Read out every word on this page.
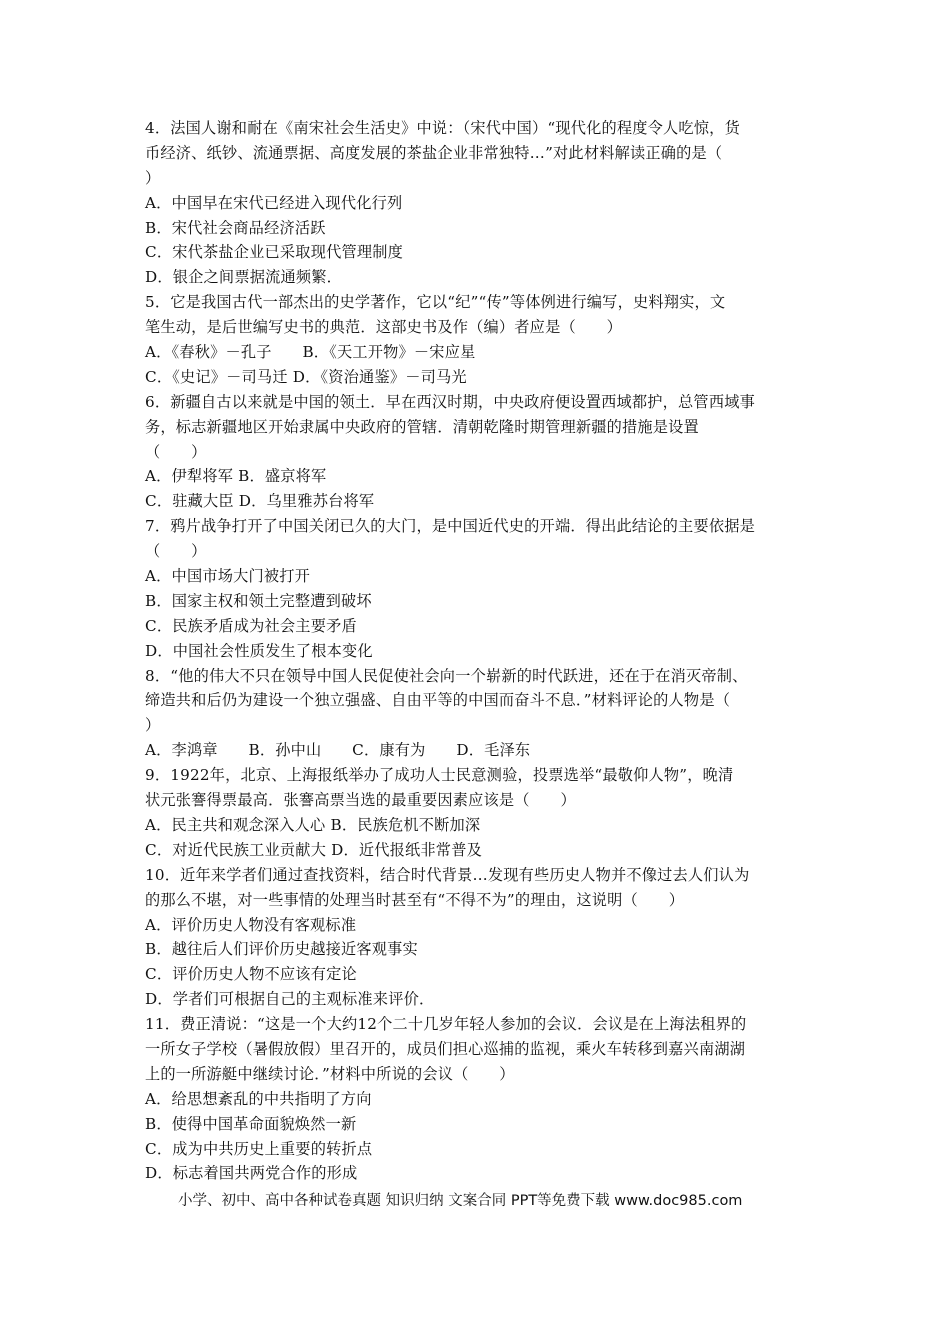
4．法国人谢和耐在《南宋社会生活史》中说：（宋代中国）“现代化的程度令人吃惊，货
币经济、纸钞、流通票据、高度发展的茶盐企业非常独特…”对此材料解读正确的是（
）
A．中国早在宋代已经进入现代化行列
B．宋代社会商品经济活跃
C．宋代茶盐企业已采取现代管理制度
D．银企之间票据流通频繁．
5．它是我国古代一部杰出的史学著作，它以“纪”“传”等体例进行编写，史料翔实，文
笔生动，是后世编写史书的典范．这部史书及作（编）者应是（　　）
A．《春秋》－孔子　　B．《天工开物》－宋应星
C．《史记》－司马迁 D．《资治通鉴》－司马光
6．新疆自古以来就是中国的领土．早在西汉时期，中央政府便设置西域都护，总管西域事
务，标志新疆地区开始隶属中央政府的管辖．清朝乾隆时期管理新疆的措施是设置
（　　）
A．伊犁将军 B．盛京将军
C．驻藏大臣 D．乌里雅苏台将军
7．鸦片战争打开了中国关闭已久的大门，是中国近代史的开端．得出此结论的主要依据是
（　　）
A．中国市场大门被打开
B．国家主权和领土完整遭到破坏
C．民族矛盾成为社会主要矛盾
D．中国社会性质发生了根本变化
8．“他的伟大不只在领导中国人民促使社会向一个崭新的时代跃进，还在于在消灭帝制、
缔造共和后仍为建设一个独立强盛、自由平等的中国而奋斗不息．”材料评论的人物是（
）
A．李鸿章　　B．孙中山　　C．康有为　　D．毛泽东
9．1922年，北京、上海报纸举办了成功人士民意测验，投票选举“最敬仰人物”，晚清
状元张謇得票最高．张謇高票当选的最重要因素应该是（　　）
A．民主共和观念深入人心 B．民族危机不断加深
C．对近代民族工业贡献大 D．近代报纸非常普及
10．近年来学者们通过查找资料，结合时代背景…发现有些历史人物并不像过去人们认为
的那么不堪，对一些事情的处理当时甚至有“不得不为”的理由，这说明（　　）
A．评价历史人物没有客观标准
B．越往后人们评价历史越接近客观事实
C．评价历史人物不应该有定论
D．学者们可根据自己的主观标准来评价．
11．费正清说：“这是一个大约12个二十几岁年轻人参加的会议．会议是在上海法租界的
一所女子学校（暑假放假）里召开的，成员们担心巡捕的监视，乘火车转移到嘉兴南湖湖
上的一所游艇中继续讨论．”材料中所说的会议（　　）
A．给思想紊乱的中共指明了方向
B．使得中国革命面貌焕然一新
C．成为中共历史上重要的转折点
D．标志着国共两党合作的形成
小学、初中、高中各种试卷真题 知识归纳 文案合同 PPT等免费下载 www.doc985.com
